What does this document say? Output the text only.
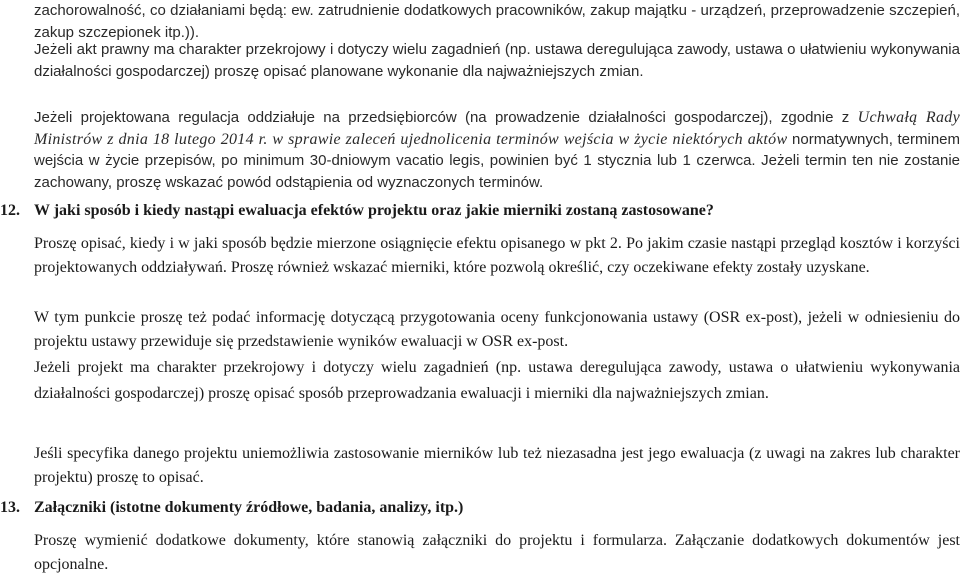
zachorowalność, co działaniami będą: ew. zatrudnienie dodatkowych pracowników, zakup majątku - urządzeń, przeprowadzenie szczepień, zakup szczepionek itp.)).

Jeżeli akt prawny ma charakter przekrojowy i dotyczy wielu zagadnień (np. ustawa deregulująca zawody, ustawa o ułatwieniu wykonywania działalności gospodarczej) proszę opisać planowane wykonanie dla najważniejszych zmian.

Jeżeli projektowana regulacja oddziałuje na przedsiębiorców (na prowadzenie działalności gospodarczej), zgodnie z Uchwałą Rady Ministrów z dnia 18 lutego 2014 r. w sprawie zaleceń ujednolicenia terminów wejścia w życie niektórych aktów normatywnych, terminem wejścia w życie przepisów, po minimum 30-dniowym vacatio legis, powinien być 1 stycznia lub 1 czerwca. Jeżeli termin ten nie zostanie zachowany, proszę wskazać powód odstąpienia od wyznaczonych terminów.

12. W jaki sposób i kiedy nastąpi ewaluacja efektów projektu oraz jakie mierniki zostaną zastosowane?

Proszę opisać, kiedy i w jaki sposób będzie mierzone osiągnięcie efektu opisanego w pkt 2. Po jakim czasie nastąpi przegląd kosztów i korzyści projektowanych oddziaływań. Proszę również wskazać mierniki, które pozwolą określić, czy oczekiwane efekty zostały uzyskane.

W tym punkcie proszę też podać informację dotyczącą przygotowania oceny funkcjonowania ustawy (OSR ex-post), jeżeli w odniesieniu do projektu ustawy przewiduje się przedstawienie wyników ewaluacji w OSR ex-post.

Jeżeli projekt ma charakter przekrojowy i dotyczy wielu zagadnień (np. ustawa deregulująca zawody, ustawa o ułatwieniu wykonywania działalności gospodarczej) proszę opisać sposób przeprowadzania ewaluacji i mierniki dla najważniejszych zmian.

Jeśli specyfika danego projektu uniemożliwia zastosowanie mierników lub też niezasadna jest jego ewaluacja (z uwagi na zakres lub charakter projektu) proszę to opisać.

13. Załączniki (istotne dokumenty źródłowe, badania, analizy, itp.)

Proszę wymienić dodatkowe dokumenty, które stanowią załączniki do projektu i formularza. Załączanie dodatkowych dokumentów jest opcjonalne.
